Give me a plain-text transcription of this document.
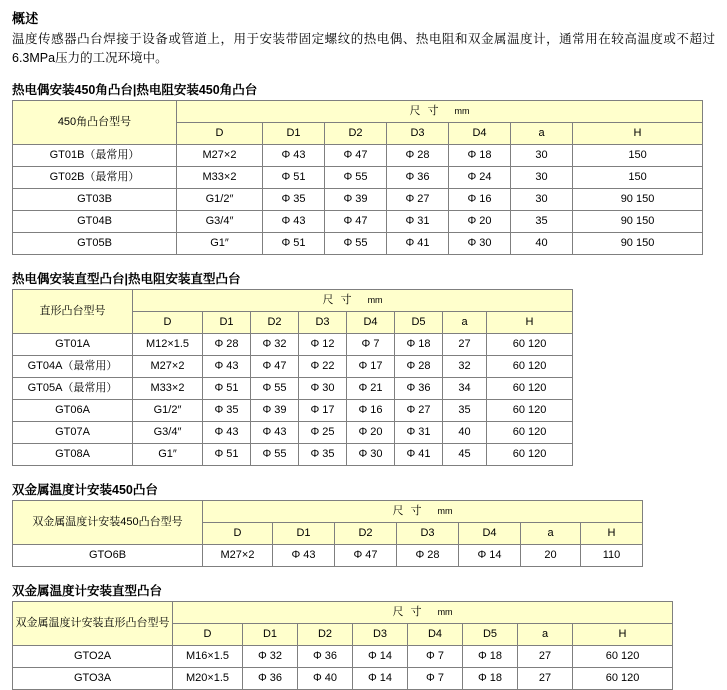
概述

温度传感器凸台焊接于设备或管道上，用于安装带固定螺纹的热电偶、热电阻和双金属温度计，通常用在较高温度或不超过6.3MPa压力的工况环境中。

热电偶安装450角凸台|热电阻安装450角凸台
450角凸台型号	尺 寸 mm						
	D	D1	D2	D3	D4	a	H
GT01B（最常用）	M27×2	Φ 43	Φ 47	Φ 28	Φ 18	30	150
GT02B（最常用）	M33×2	Φ 51	Φ 55	Φ 36	Φ 24	30	150
GT03B	G1/2″	Φ 35	Φ 39	Φ 27	Φ 16	30	90 150
GT04B	G3/4″	Φ 43	Φ 47	Φ 31	Φ 20	35	90 150
GT05B	G1″	Φ 51	Φ 55	Φ 41	Φ 30	40	90 150
热电偶安装直型凸台|热电阻安装直型凸台
直形凸台型号	尺 寸 mm							
	D	D1	D2	D3	D4	D5	a	H
GT01A	M12×1.5	Φ 28	Φ 32	Φ 12	Φ 7	Φ 18	27	60 120
GT04A（最常用）	M27×2	Φ 43	Φ 47	Φ 22	Φ 17	Φ 28	32	60 120
GT05A（最常用）	M33×2	Φ 51	Φ 55	Φ 30	Φ 21	Φ 36	34	60 120
GT06A	G1/2″	Φ 35	Φ 39	Φ 17	Φ 16	Φ 27	35	60 120
GT07A	G3/4″	Φ 43	Φ 43	Φ 25	Φ 20	Φ 31	40	60 120
GT08A	G1″	Φ 51	Φ 55	Φ 35	Φ 30	Φ 41	45	60 120
双金属温度计安装450凸台
双金属温度计安装450凸台型号	尺 寸 mm						
	D	D1	D2	D3	D4	a	H
GTO6B	M27×2	Φ 43	Φ 47	Φ 28	Φ 14	20	110
双金属温度计安装直型凸台
双金属温度计安装直形凸台型号	尺 寸 mm							
	D	D1	D2	D3	D4	D5	a	H
GTO2A	M16×1.5	Φ 32	Φ 36	Φ 14	Φ 7	Φ 18	27	60 120
GTO3A	M20×1.5	Φ 36	Φ 40	Φ 14	Φ 7	Φ 18	27	60 120
